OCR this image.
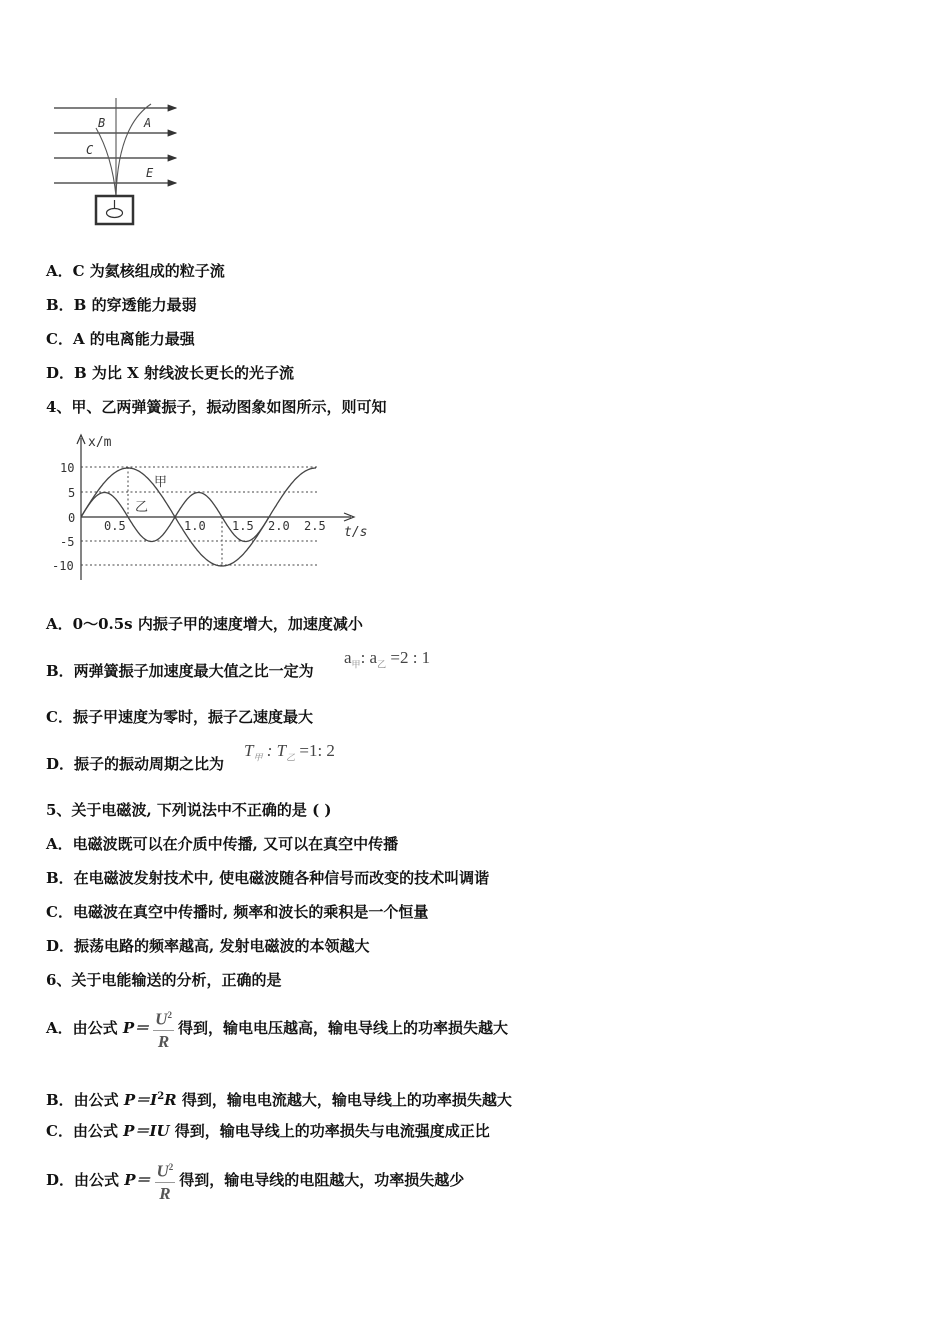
B	A
C
E
A．C 为氦核组成的粒子流
B．B 的穿透能力最弱
C．A 的电离能力最强
D．B 为比 X 射线波长更长的光子流
4、甲、乙两弹簧振子，振动图象如图所示，则可知
x/m
t/s
10
5
0
-5
-10
0.5	1.0 1.5 2.0 2.5
甲
乙
A．0～0.5s 内振子甲的速度增大，加速度减小
B．两弹簧振子加速度最大值之比一定为
$a_甲$: $a_乙 =2$ : 1
C．振子甲速度为零时，振子乙速度最大
D．振子的振动周期之比为
$T_甲$ : $T_乙 =1$: 2
5、关于电磁波, 下列说法中不正确的是 ( )
A．电磁波既可以在介质中传播, 又可以在真空中传播
B．在电磁波发射技术中, 使电磁波随各种信号而改变的技术叫调谐
C．电磁波在真空中传播时, 频率和波长的乘积是一个恒量
D．振荡电路的频率越高, 发射电磁波的本领越大
6、关于电能输送的分析，正确的是
A．由公式 $P= \frac{U^2}{R}$ 得到，输电电压越高，输电导线上的功率损失越大
B．由公式 $P=I^2R$ 得到，输电电流越大，输电导线上的功率损失越大
C．由公式 P＝IU 得到，输电导线上的功率损失与电流强度成正比
D．由公式 $P= \frac{U^2}{R}$ 得到，输电导线的电阻越大，功率损失越少
